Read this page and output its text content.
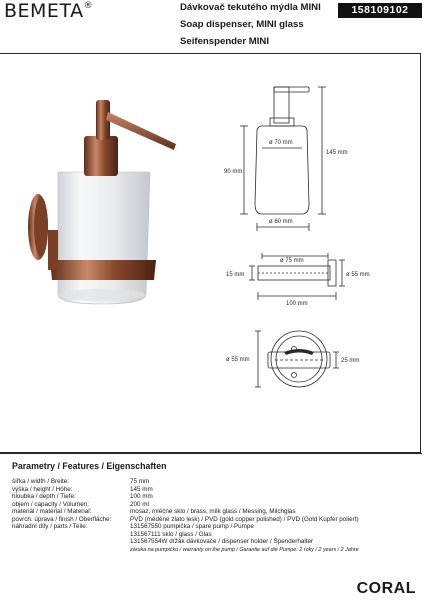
BEMETA®	Dávkovač tekutého mýdla MINI
Soap dispenser, MINI glass
Seifenspender MINI
158109102
ø 70 mm
145 mm
90 mm
ø 60 mm
ø 75 mm
15 mm	ø 55 mm
100 mm
ø 55 mm	25 mm
Parametry / Features / Eigenschaften
šířka / width / Breite:	75 mm
výška / height / Höhe:	145 mm
hloubka / depth / Tiefe:	100 mm
objem / capacity / Volumen:	200 ml
materiál / material / Material:	mosaz, mléčné sklo / brass, milk glass / Messing, Milchglas
povrch. úprava / finish / Oberfläche:	PVD (měděné zlato lesk) / PVD (gold copper polished) / PVD (Gold Kupfer poliert)
náhradní díly / parts / Teile:	131567550 pumpička / spare pump / Pumpe
131567111 sklo / glass / Glas
131567554W držák dávkovače / dispenser holder / Spenderhalter
záruka na pumpičku / warranty on the pump / Garantie auf die Pumpe: 2 roky / 2 years / 2 Jahre
CORAL
